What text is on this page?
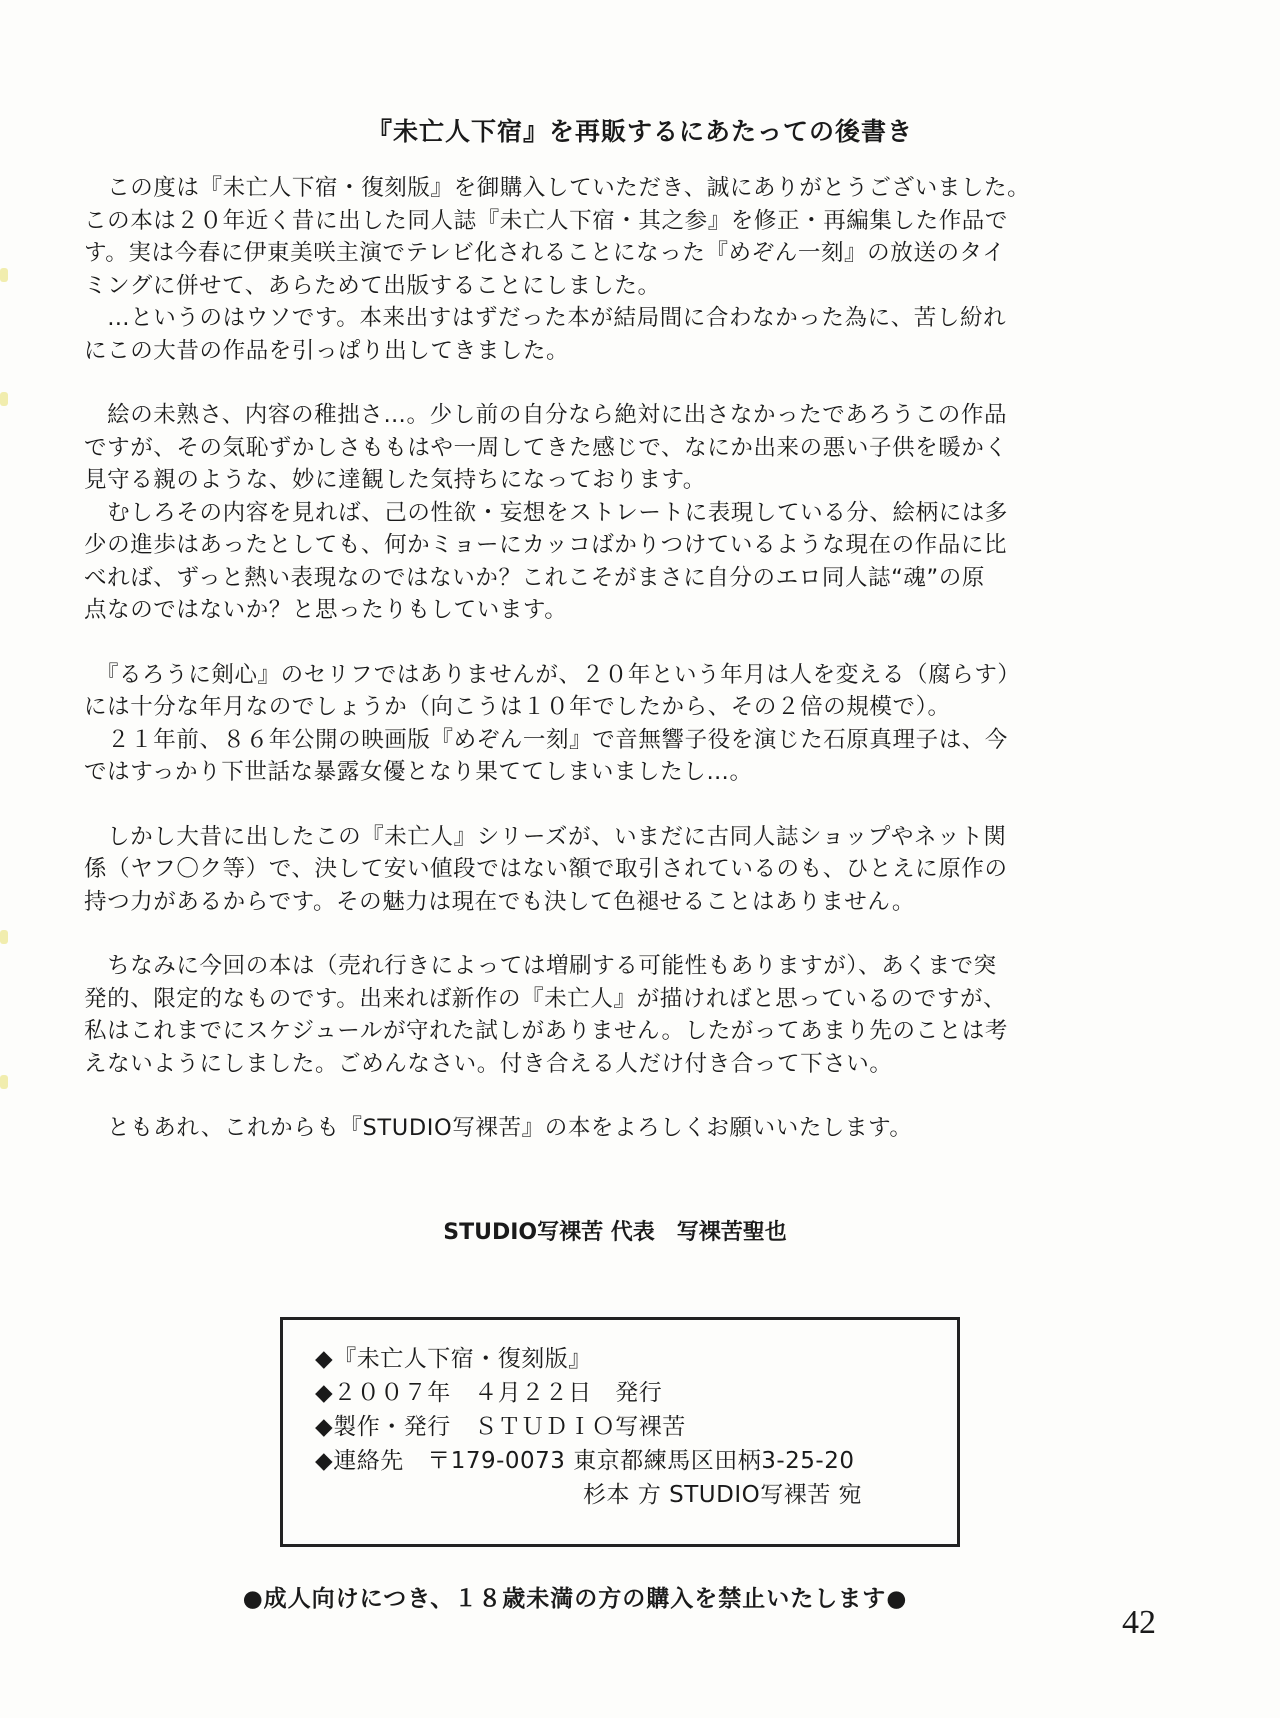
『未亡人下宿』を再販するにあたっての後書き
　この度は『未亡人下宿・復刻版』を御購入していただき、誠にありがとうございました。
この本は２０年近く昔に出した同人誌『未亡人下宿・其之参』を修正・再編集した作品で
す。実は今春に伊東美咲主演でテレビ化されることになった『めぞん一刻』の放送のタイ
ミングに併せて、あらためて出版することにしました。
　…というのはウソです。本来出すはずだった本が結局間に合わなかった為に、苦し紛れ
にこの大昔の作品を引っぱり出してきました。
　絵の未熟さ、内容の稚拙さ…。少し前の自分なら絶対に出さなかったであろうこの作品
ですが、その気恥ずかしさももはや一周してきた感じで、なにか出来の悪い子供を暖かく
見守る親のような、妙に達観した気持ちになっております。
　むしろその内容を見れば、己の性欲・妄想をストレートに表現している分、絵柄には多
少の進歩はあったとしても、何かミョーにカッコばかりつけているような現在の作品に比
べれば、ずっと熱い表現なのではないか？これこそがまさに自分のエロ同人誌“魂”の原
点なのではないか？と思ったりもしています。
　『るろうに剣心』のセリフではありませんが、２０年という年月は人を変える（腐らす）
には十分な年月なのでしょうか（向こうは１０年でしたから、その２倍の規模で）。
　２１年前、８６年公開の映画版『めぞん一刻』で音無響子役を演じた石原真理子は、今
ではすっかり下世話な暴露女優となり果ててしまいましたし…。
　しかし大昔に出したこの『未亡人』シリーズが、いまだに古同人誌ショップやネット関
係（ヤフ〇ク等）で、決して安い値段ではない額で取引されているのも、ひとえに原作の
持つ力があるからです。その魅力は現在でも決して色褪せることはありません。
　ちなみに今回の本は（売れ行きによっては増刷する可能性もありますが）、あくまで突
発的、限定的なものです。出来れば新作の『未亡人』が描ければと思っているのですが、
私はこれまでにスケジュールが守れた試しがありません。したがってあまり先のことは考
えないようにしました。ごめんなさい。付き合える人だけ付き合って下さい。
　ともあれ、これからも『STUDIO写裸苦』の本をよろしくお願いいたします。
STUDIO写裸苦 代表　写裸苦聖也
◆『未亡人下宿・復刻版』
◆２００７年　４月２２日　発行
◆製作・発行　ＳＴＵＤＩＯ写裸苦
◆連絡先　〒179-0073 東京都練馬区田柄3-25-20
杉本 方 STUDIO写裸苦 宛
●成人向けにつき、１８歳未満の方の購入を禁止いたします●
42
